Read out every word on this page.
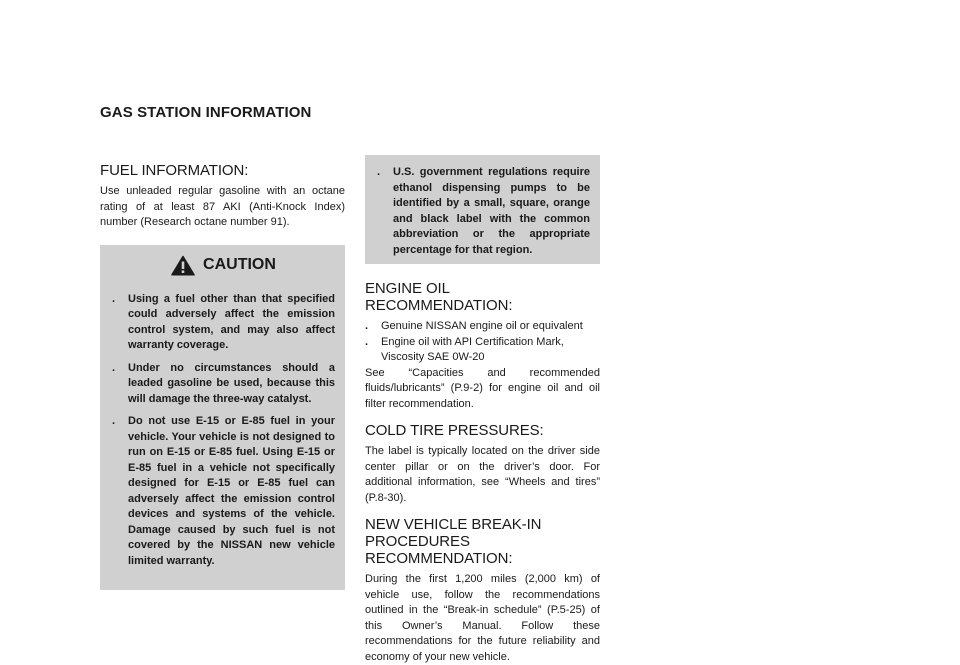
GAS STATION INFORMATION
FUEL INFORMATION:

Use unleaded regular gasoline with an octane rating of at least 87 AKI (Anti-Knock Index) number (Research octane number 91).

CAUTION
.	Using a fuel other than that specified could adversely affect the emission control system, and may also affect warranty coverage.
.	Under no circumstances should a leaded gasoline be used, because this will damage the three-way catalyst.
.	Do not use E-15 or E-85 fuel in your vehicle. Your vehicle is not designed to run on E-15 or E-85 fuel. Using E-15 or E-85 fuel in a vehicle not specifically designed for E-15 or E-85 fuel can adversely affect the emission control devices and systems of the vehicle. Damage caused by such fuel is not covered by the NISSAN new vehicle limited warranty.
.	U.S. government regulations require ethanol dispensing pumps to be identified by a small, square, orange and black label with the common abbreviation or the appropriate percentage for that region.
ENGINE OIL RECOMMENDATION:
.	Genuine NISSAN engine oil or equivalent
.	Engine oil with API Certification Mark, Viscosity SAE 0W-20

See “Capacities and recommended fluids/lubricants” (P.9-2) for engine oil and oil filter recommendation.

COLD TIRE PRESSURES:

The label is typically located on the driver side center pillar or on the driver’s door. For additional information, see “Wheels and tires” (P.8-30).

NEW VEHICLE BREAK-IN PROCEDURES RECOMMENDATION:

During the first 1,200 miles (2,000 km) of vehicle use, follow the recommendations outlined in the “Break-in schedule” (P.5-25) of this Owner’s Manual. Follow these recommendations for the future reliability and economy of your new vehicle.
